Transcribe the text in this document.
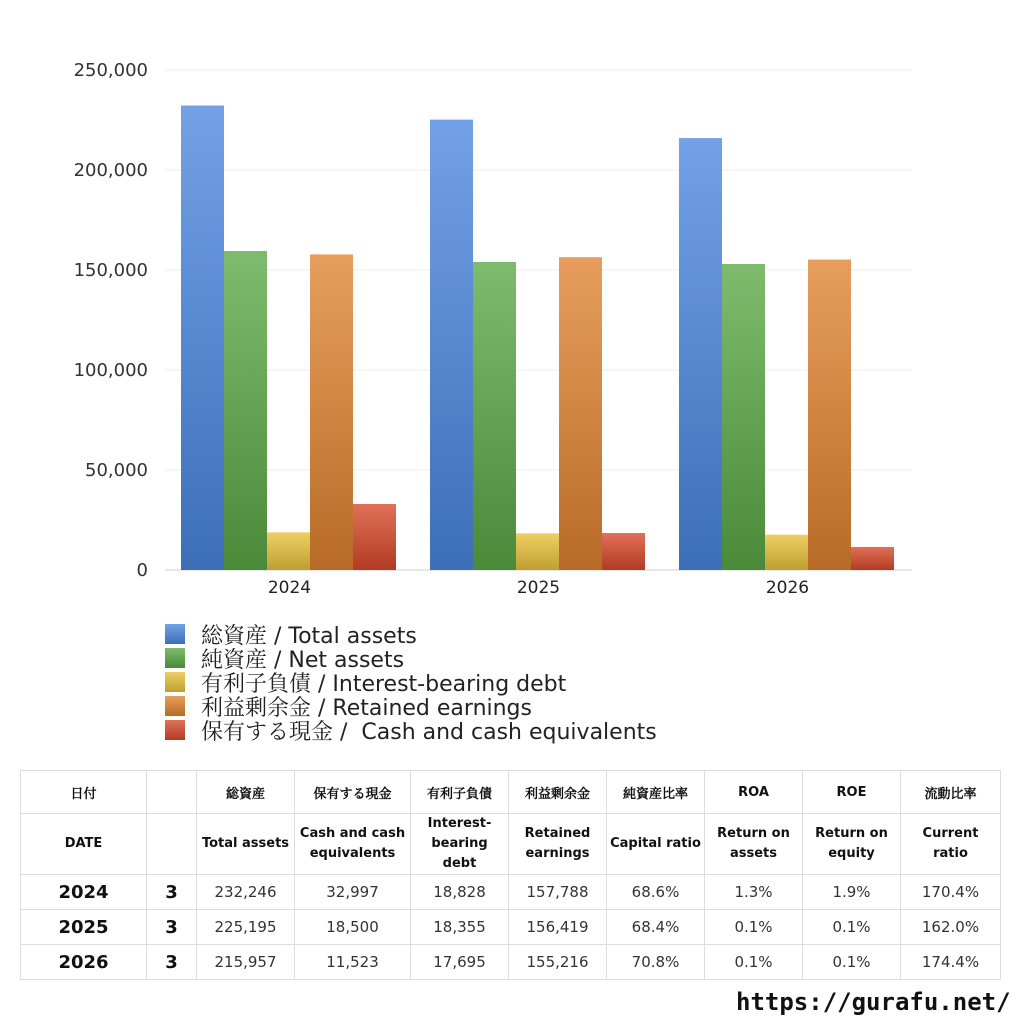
0
50,000
100,000
150,000
200,000
250,000
2024	2025	2026
総資産 / Total assets
純資産 / Net assets
有利子負債 / Interest-bearing debt
利益剰余金 / Retained earnings
保有する現金 /  Cash and cash equivalents
日付		総資産	保有する現金	有利子負債	利益剰余金	純資産比率	ROA	ROE	流動比率
DATE		Total assets	Cash and cash equivalents	Interest-bearing debt	Retained earnings	Capital ratio	Return on assets	Return on equity	Current ratio
2024	3	232,246	32,997	18,828	157,788	68.6%	1.3%	1.9%	170.4%
2025	3	225,195	18,500	18,355	156,419	68.4%	0.1%	0.1%	162.0%
2026	3	215,957	11,523	17,695	155,216	70.8%	0.1%	0.1%	174.4%
https://gurafu.net/
